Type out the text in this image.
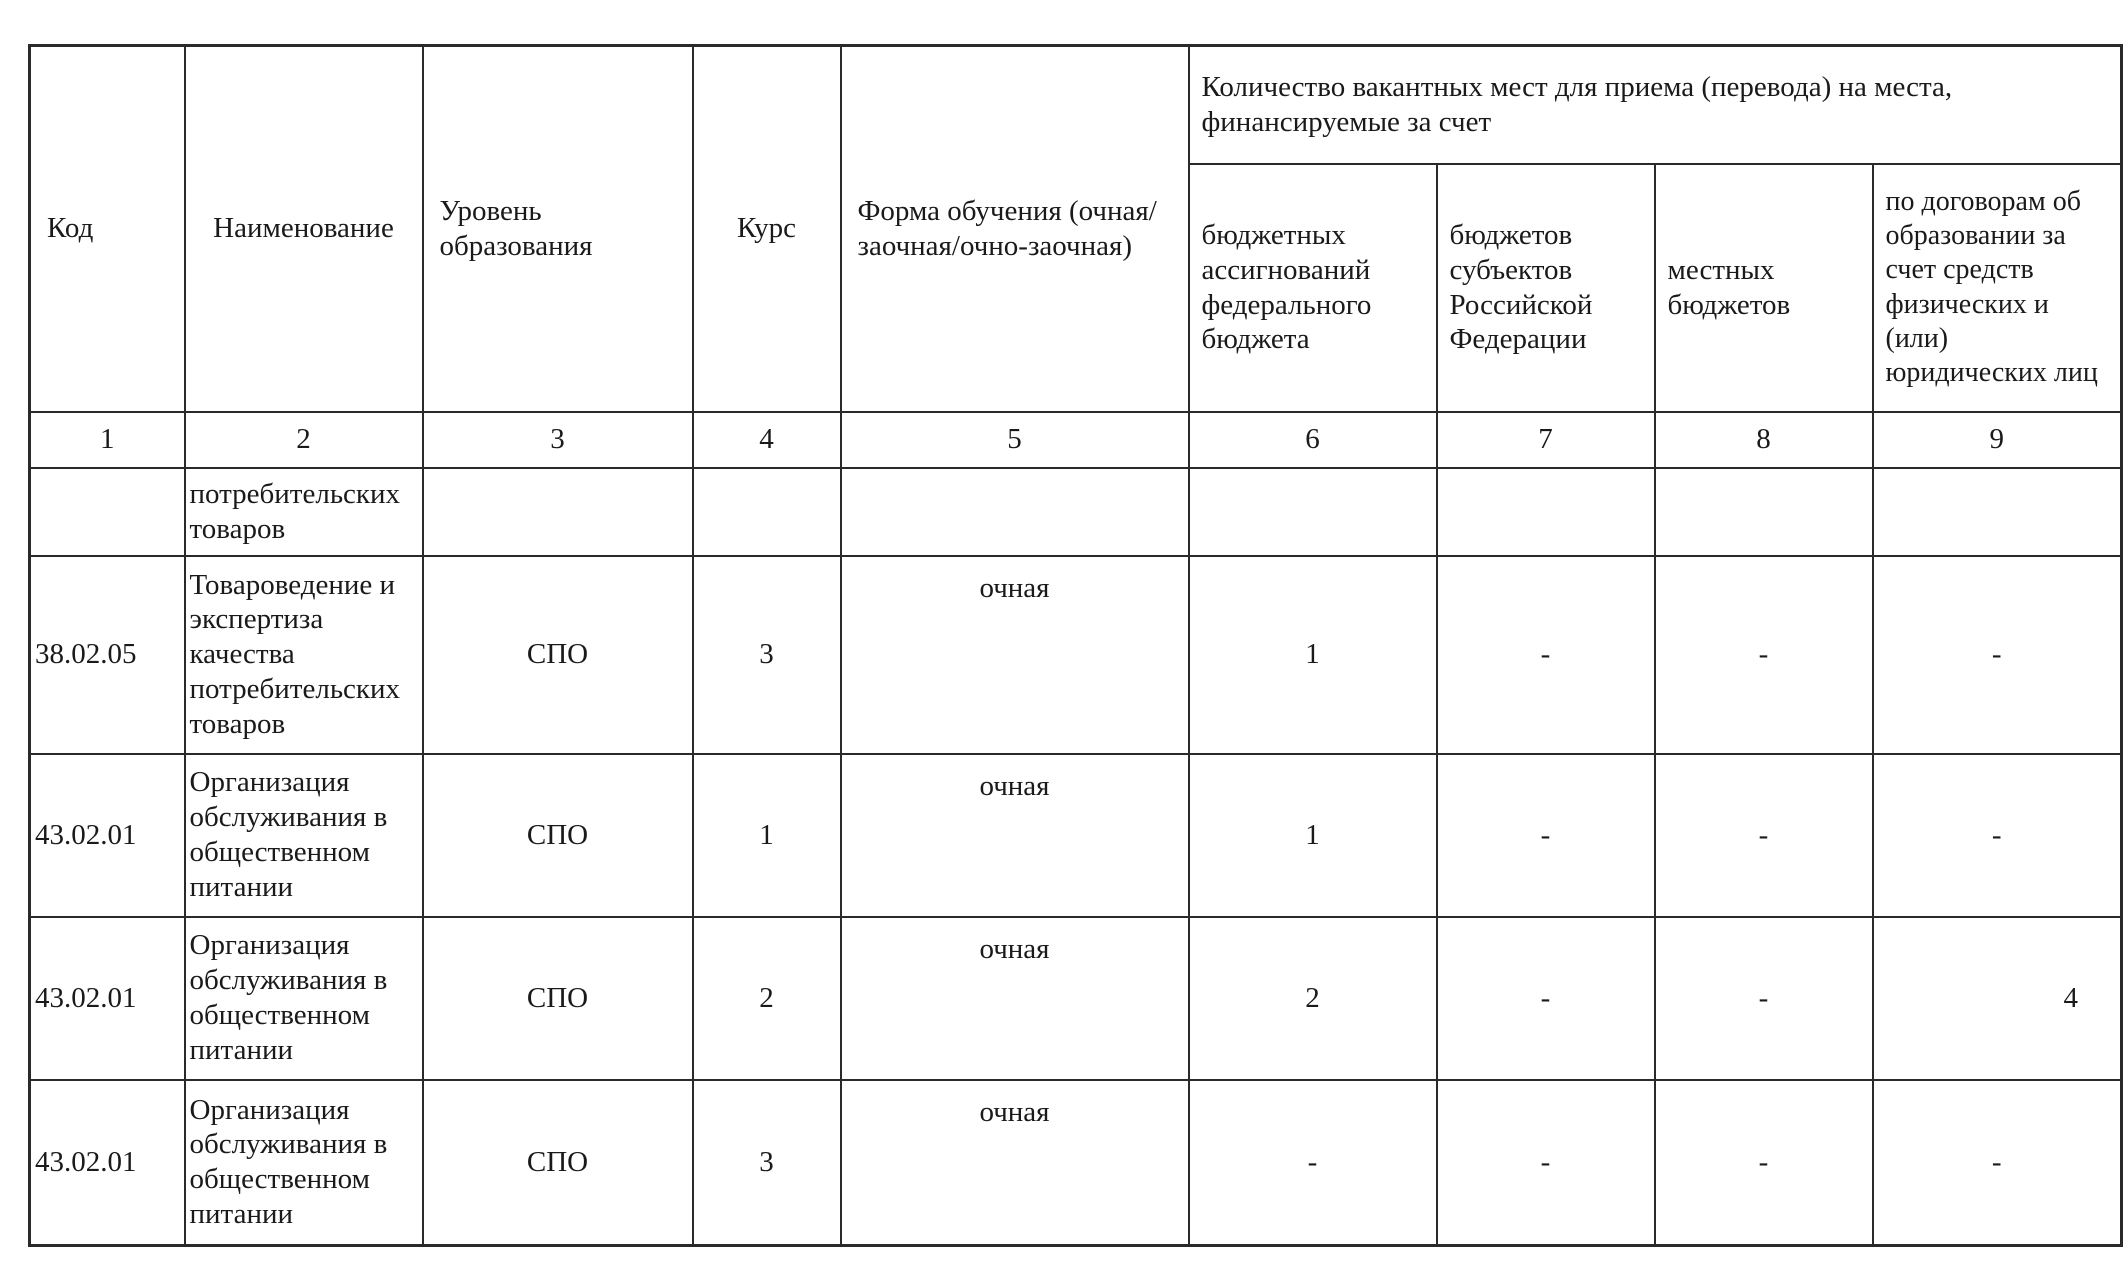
Код	Наименование	Уровень образования	Курс	Форма обучения (очная/заочная/очно-заочная)	Количество вакантных мест для приема (перевода) на места, финансируемые за счет			
					бюджетных ассигнований федерального бюджета	бюджетов субъектов Российской Федерации	местных бюджетов	по договорам об образовании за счет средств физических и (или) юридических лиц
1	2	3	4	5	6	7	8	9
	потребительских товаров							
38.02.05	Товароведение и экспертиза качества потребительских товаров	СПО	3	очная	1	-	-	-
43.02.01	Организация обслуживания в общественном питании	СПО	1	очная	1	-	-	-
43.02.01	Организация обслуживания в общественном питании	СПО	2	очная	2	-	-	4
43.02.01	Организация обслуживания в общественном питании	СПО	3	очная	-	-	-	-
